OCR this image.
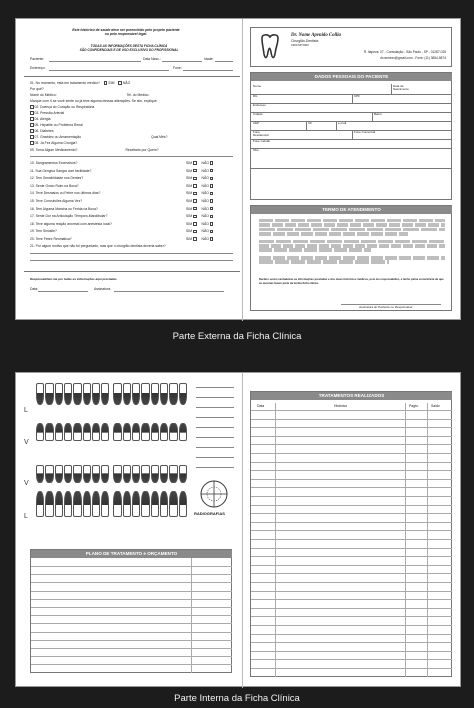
Este histórico de saúde deve ser preenchido pelo próprio paciente
ou pelo responsável legal.
Paciente:	Data Nasc.:	Idade:
TODAS AS INFORMAÇÕES DESTA FICHA CLÍNICA
SÃO CONFIDENCIAIS E DE USO EXCLUSIVO DO PROFISSIONAL
Endereço:	Fone:
01. No momento, está em tratamento médico? SIM NÃO
Por quê?
Nome do Médico:	Tel. do Medico:
Marque com X se você sente ou já teve alguma dessas alterações. Se sim, explique.
02. Doença do Coração ou Respiratória
03. Pressão Arterial
04. Alergia
05. Hepatite ou Problema Renal
06. Diabetes
07. Gravidez ou Amamentação	Qual Mês?
08. Já Fez Alguma Cirurgia?
09. Toma Algum Medicamento?	Receitado por Quem?
10. Sangramentos Excessivos?	SIM	NÃO
11. Sua Gengiva Sangra com facilidade?	SIM	NÃO
12. Tem Sensibilidade nos Dentes?	SIM	NÃO
13. Sente Gosto Ruim na Boca?	SIM	NÃO
14. Teve Desmaios ou Febre nos últimos dias?	SIM	NÃO
15. Teve Convulsões Alguma Vez?	SIM	NÃO
16. Tem Alguma Mancha ou Ferida na Boca?	SIM	NÃO
17. Sente Dor na Articulação Têmporo-Mandibular?	SIM	NÃO
18. Teve alguma reação anormal com anestesia local?	SIM	NÃO
19. Tem Sinusite?	SIM	NÃO
20. Teve Febre Reumática?	SIM	NÃO
21. Por algum motivo que não foi perguntado, mas que o cirurgião dentista deveria saber?
Responsabilizo-me por todas as informações aqui prestadas
Data:	Assinatura:
Dr. Nome Apenido Collia
Cirurgião-Dentista
CRO/SP 0000
R. Itapeva, 07 - Consolação - São Paulo - SP - 01287-025
dr.nomexx@gmail.com - Fone: (11) 3654-5874
DADOS PESSOAIS DO PACIENTE
Nome	Data de Nascimento
RG	CPF
Endereço
Cidade	Bairro
CEP	UF	e-mail
Fone Residencial
Fone Comercial
Fone Celular
Obs.
TERMO DE ATENDIMENTO
Declaro serem verdadeiras as informações prestadas e dos meus históricos médicos, pois me responsabilizo, e tenho plena consciência de que as mesmas fazem parte da minha ficha clínica.
Assinatura do Paciente ou Responsável
Parte Externa da Ficha Clínica
L
V
V
L	RADIOGRAFIAS
PLANO DE TRATAMENTO e ORÇAMENTO
TRATAMENTOS REALIZADOS
Data	Histórico	Pagto.	Saldo
Parte Interna da Ficha Clínica
